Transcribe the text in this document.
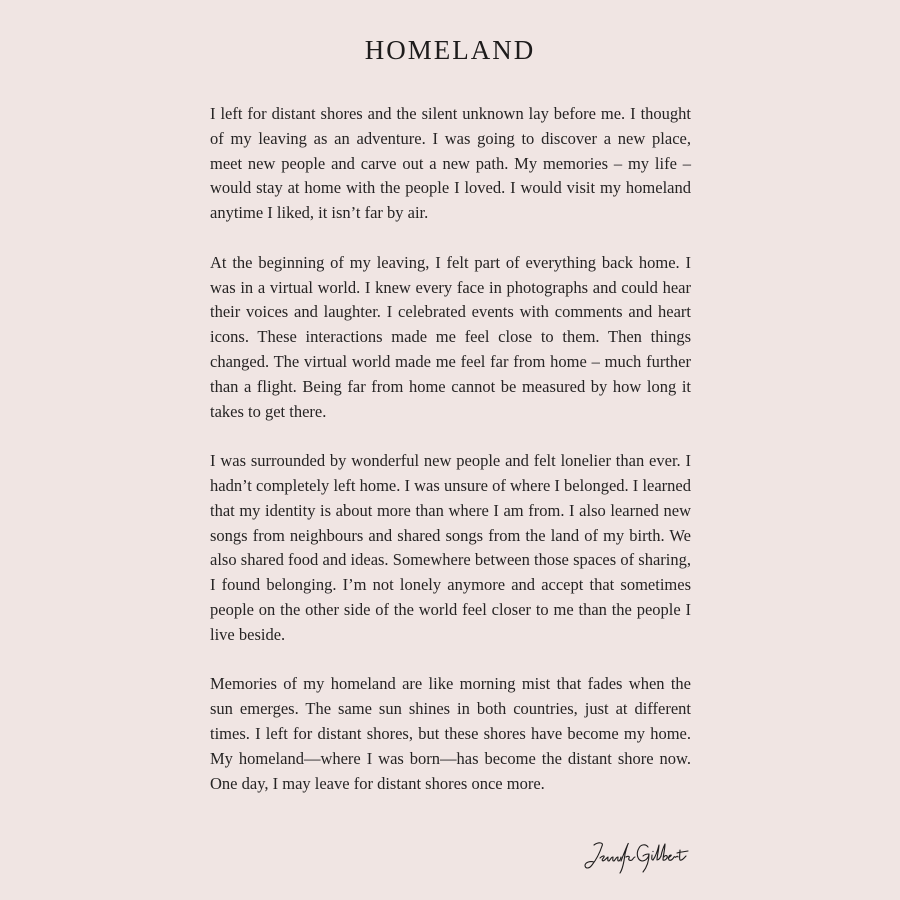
HOMELAND

I left for distant shores and the silent unknown lay before me. I thought of my leaving as an adventure. I was going to discover a new place, meet new people and carve out a new path. My memories – my life – would stay at home with the people I loved. I would visit my homeland anytime I liked, it isn’t far by air.

At the beginning of my leaving, I felt part of everything back home. I was in a virtual world. I knew every face in photographs and could hear their voices and laughter. I celebrated events with comments and heart icons. These interactions made me feel close to them. Then things changed. The virtual world made me feel far from home – much further than a flight. Being far from home cannot be measured by how long it takes to get there.

I was surrounded by wonderful new people and felt lonelier than ever. I hadn’t completely left home. I was unsure of where I belonged. I learned that my identity is about more than where I am from. I also learned new songs from neighbours and shared songs from the land of my birth. We also shared food and ideas. Somewhere between those spaces of sharing, I found belonging. I’m not lonely anymore and accept that sometimes people on the other side of the world feel closer to me than the people I live beside.

Memories of my homeland are like morning mist that fades when the sun emerges. The same sun shines in both countries, just at different times. I left for distant shores, but these shores have become my home. My homeland—where I was born—has become the distant shore now. One day, I may leave for distant shores once more.
